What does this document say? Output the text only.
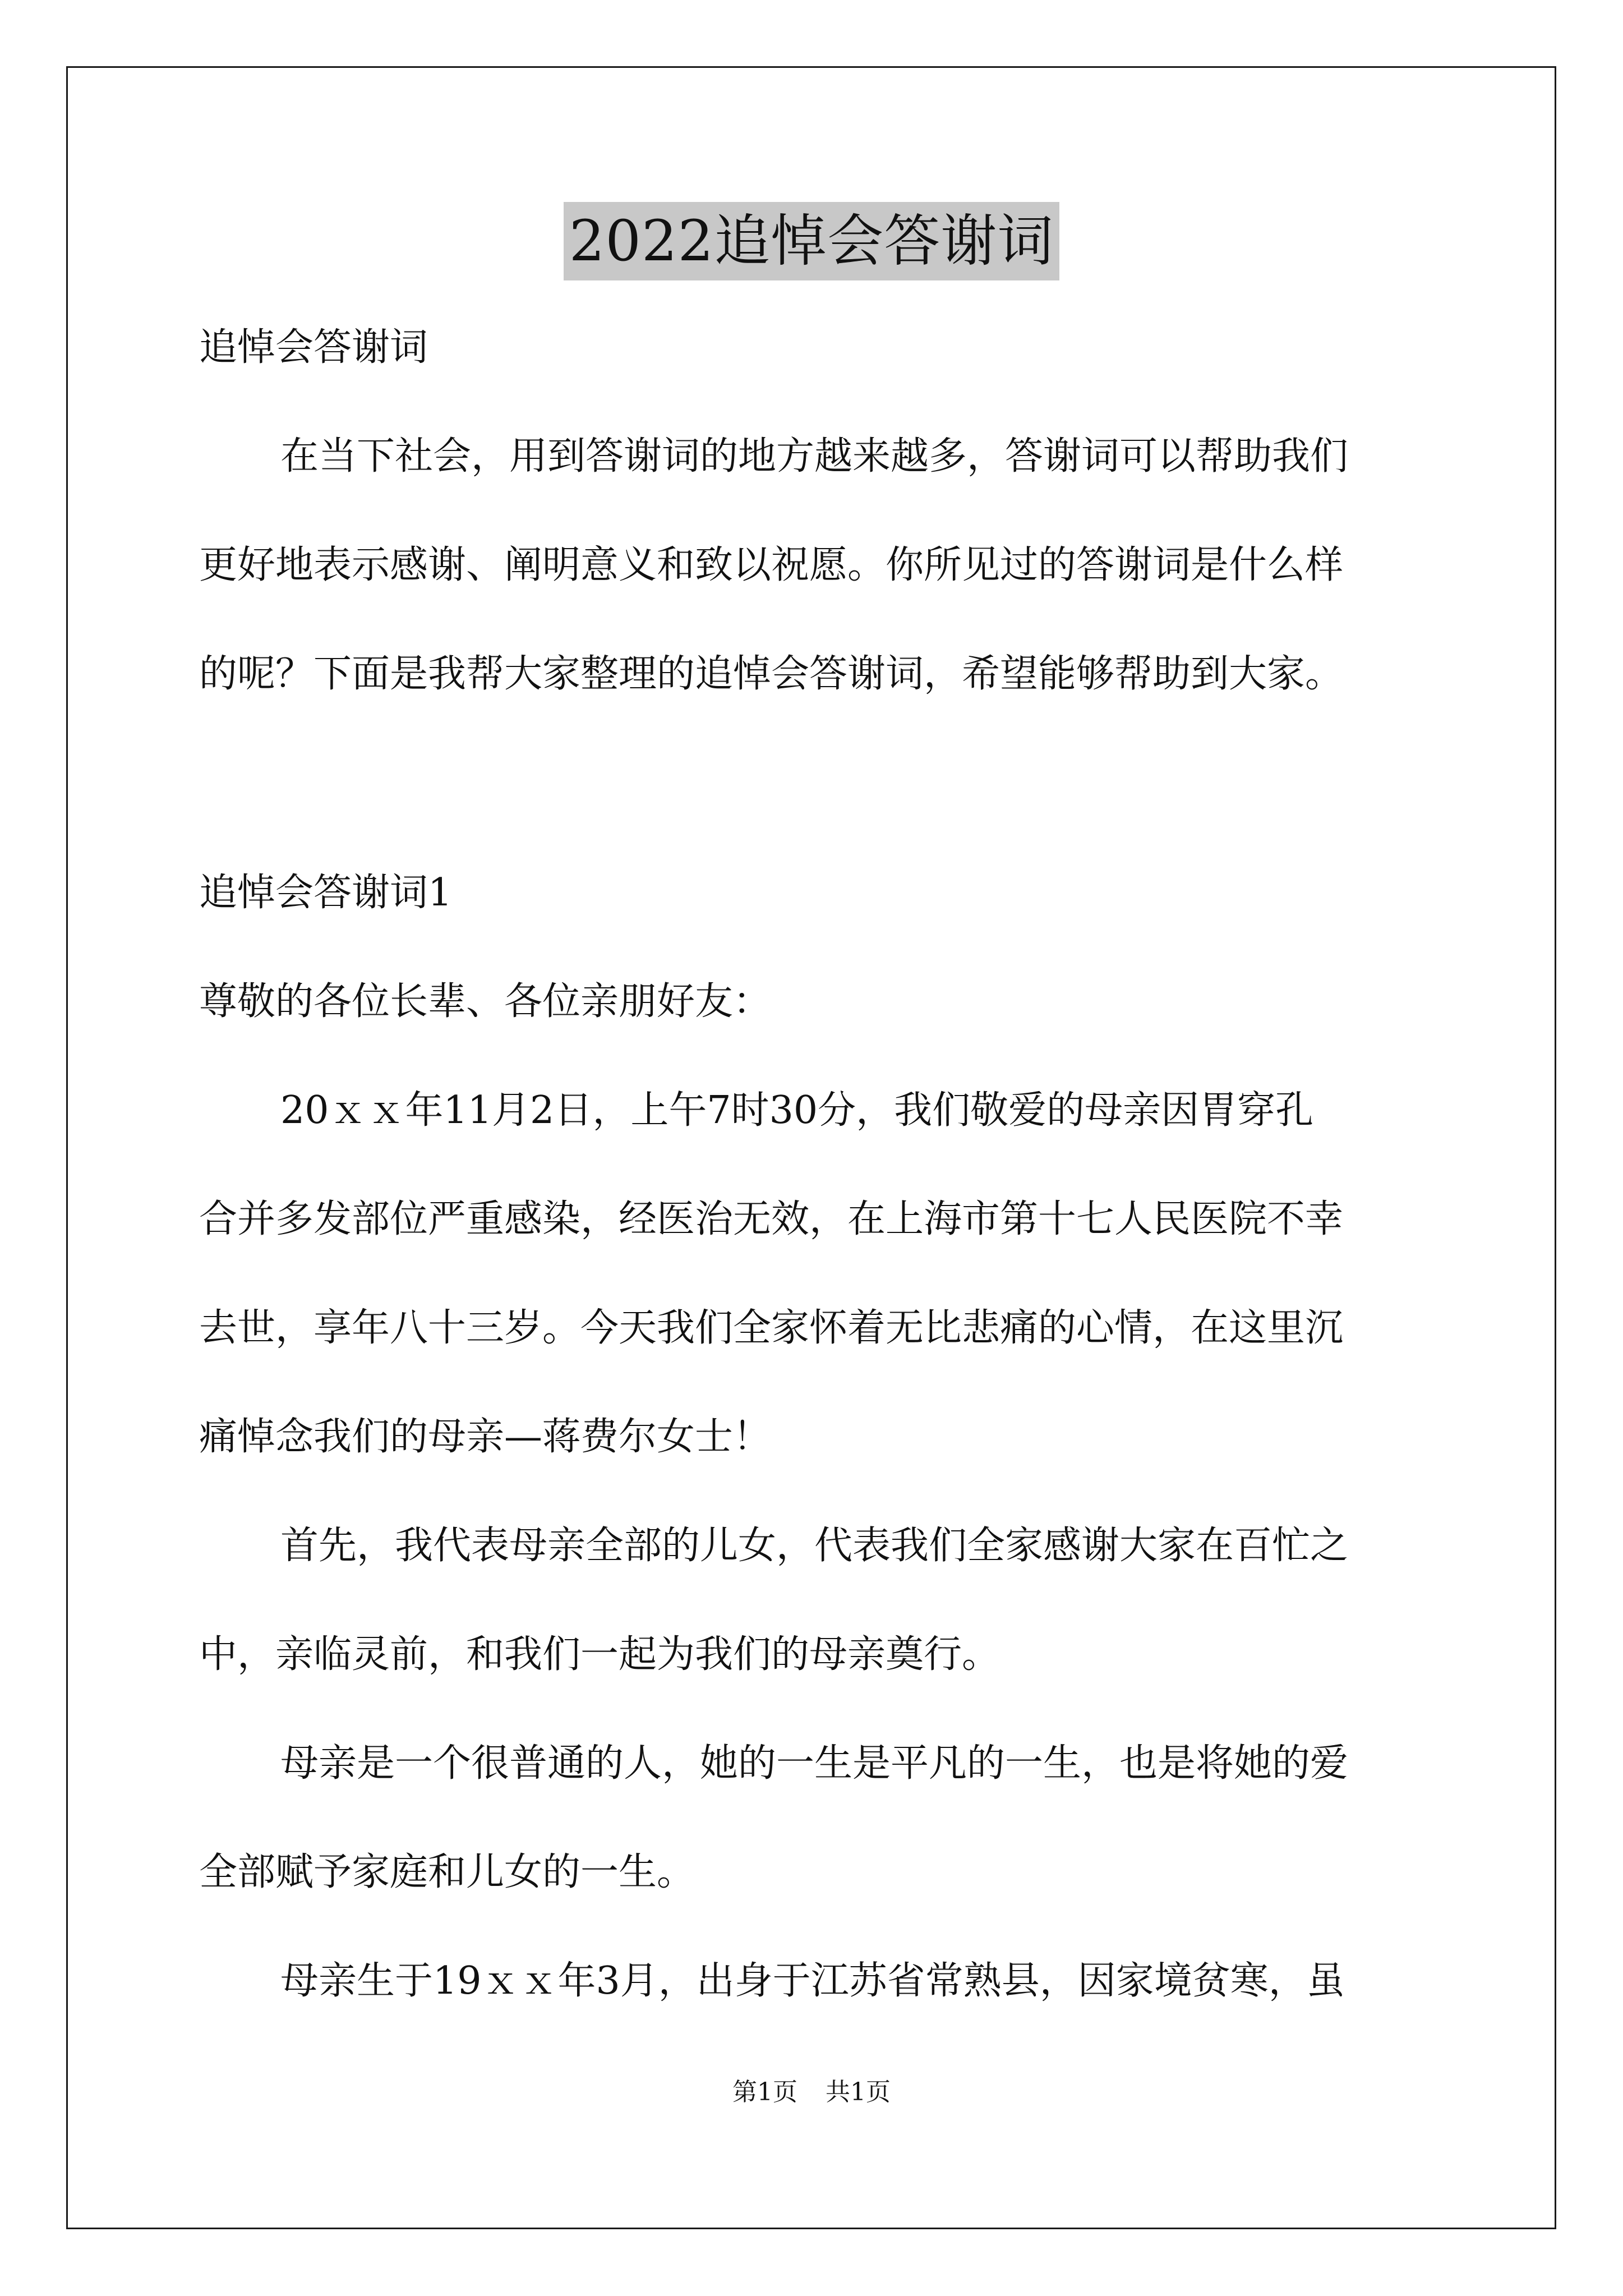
2022追悼会答谢词
追悼会答谢词
在当下社会，用到答谢词的地方越来越多，答谢词可以帮助我们
更好地表示感谢、阐明意义和致以祝愿。你所见过的答谢词是什么样
的呢？下面是我帮大家整理的追悼会答谢词，希望能够帮助到大家。
追悼会答谢词1
尊敬的各位长辈、各位亲朋好友：
20ｘｘ年11月2日，上午7时30分，我们敬爱的母亲因胃穿孔
合并多发部位严重感染，经医治无效，在上海市第十七人民医院不幸
去世，享年八十三岁。今天我们全家怀着无比悲痛的心情，在这里沉
痛悼念我们的母亲—蒋费尔女士！
首先，我代表母亲全部的儿女，代表我们全家感谢大家在百忙之
中，亲临灵前，和我们一起为我们的母亲奠行。
母亲是一个很普通的人，她的一生是平凡的一生，也是将她的爱
全部赋予家庭和儿女的一生。
母亲生于19ｘｘ年3月，出身于江苏省常熟县，因家境贫寒，虽
第1页 共1页
